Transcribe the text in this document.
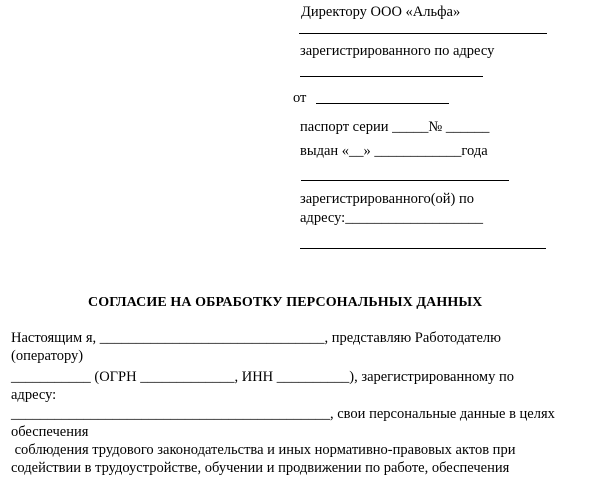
Директору ООО «Альфа»
зарегистрированного по адресу
от
паспорт серии _____№ ______
выдан «__» ____________года
зарегистрированного(ой) по
адресу:___________________
СОГЛАСИЕ НА ОБРАБОТКУ ПЕРСОНАЛЬНЫХ ДАННЫХ
Настоящим я, _______________________________, представляю Работодателю
(оператору)
___________ (ОГРН _____________, ИНН __________), зарегистрированному по
адресу:
____________________________________________, свои персональные данные в целях
обеспечения
соблюдения трудового законодательства и иных нормативно-правовых актов при
содействии в трудоустройстве, обучении и продвижении по работе, обеспечения
